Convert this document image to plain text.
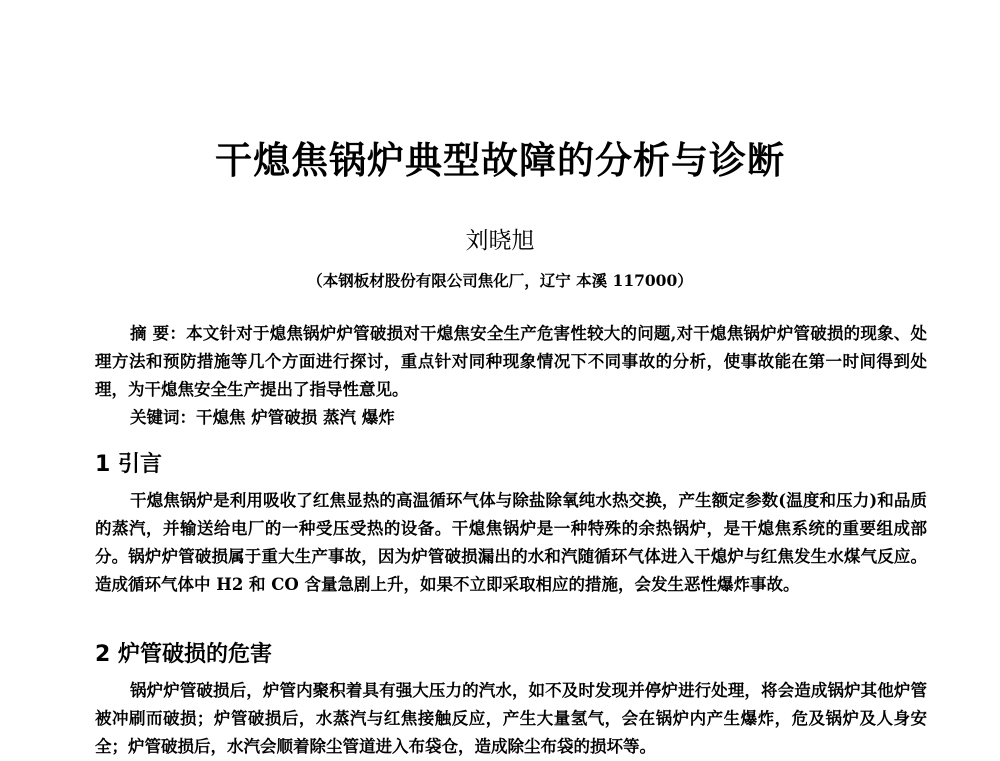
干熄焦锅炉典型故障的分析与诊断
刘晓旭
（本钢板材股份有限公司焦化厂，辽宁 本溪 117000）
摘 要：本文针对于熄焦锅炉炉管破损对干熄焦安全生产危害性较大的问题,对干熄焦锅炉炉管破损的现象、处理方法和预防措施等几个方面进行探讨，重点针对同种现象情况下不同事故的分析，使事故能在第一时间得到处理，为干熄焦安全生产提出了指导性意见。
关键词：干熄焦 炉管破损 蒸汽 爆炸
1 引言
干熄焦锅炉是利用吸收了红焦显热的高温循环气体与除盐除氧纯水热交换，产生额定参数(温度和压力)和品质的蒸汽，并输送给电厂的一种受压受热的设备。干熄焦锅炉是一种特殊的余热锅炉，是干熄焦系统的重要组成部分。锅炉炉管破损属于重大生产事故，因为炉管破损漏出的水和汽随循环气体进入干熄炉与红焦发生水煤气反应。造成循环气体中 H2 和 CO 含量急剧上升，如果不立即采取相应的措施，会发生恶性爆炸事故。
2 炉管破损的危害
锅炉炉管破损后，炉管内聚积着具有强大压力的汽水，如不及时发现并停炉进行处理，将会造成锅炉其他炉管被冲刷而破损；炉管破损后，水蒸汽与红焦接触反应，产生大量氢气，会在锅炉内产生爆炸，危及锅炉及人身安全；炉管破损后，水汽会顺着除尘管道进入布袋仓，造成除尘布袋的损坏等。
